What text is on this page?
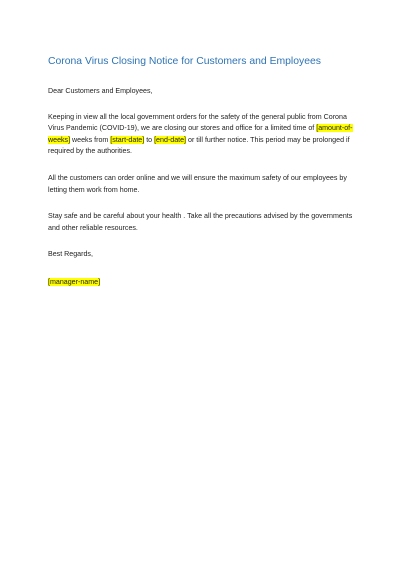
Corona Virus Closing Notice for Customers and Employees

Dear Customers and Employees,

Keeping in view all the local government orders for the safety of the general public from Corona Virus Pandemic (COVID-19), we are closing our stores and office for a limited time of [amount-of-weeks] weeks from [start-date] to [end-date] or till further notice. This period may be prolonged if required by the authorities.

All the customers can order online and we will ensure the maximum safety of our employees by letting them work from home.

Stay safe and be careful about your health . Take all the precautions advised by the governments and other reliable resources.

Best Regards,

[manager-name]
